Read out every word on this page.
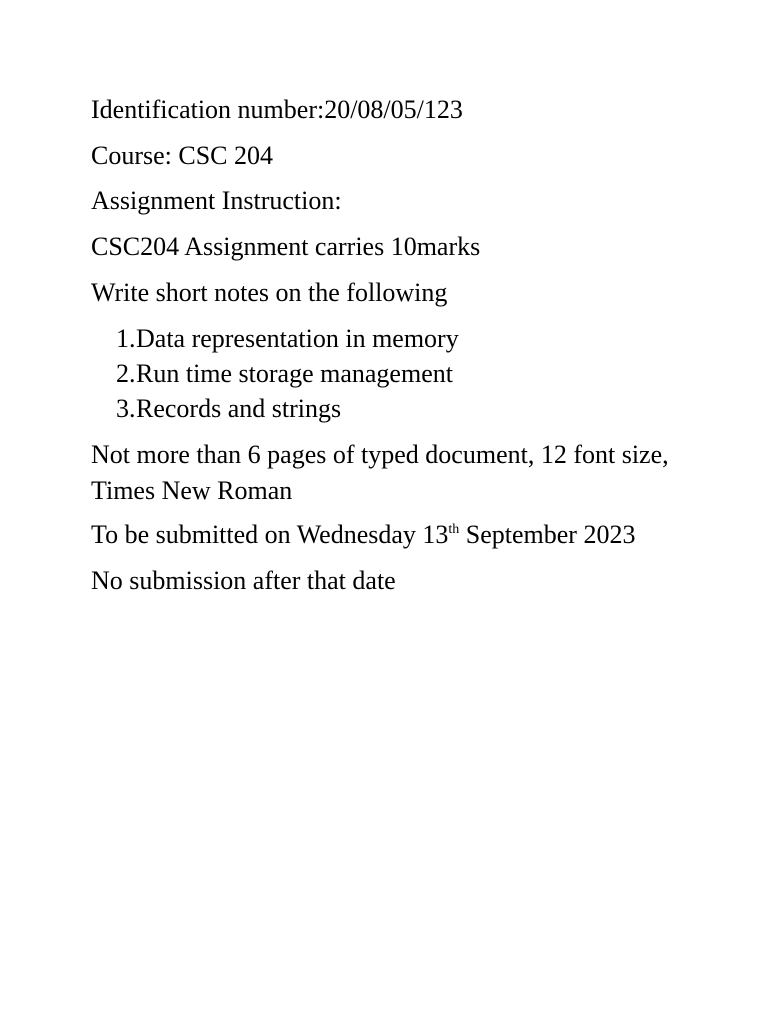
Identification number:20/08/05/123

Course: CSC 204

Assignment Instruction:

CSC204 Assignment carries 10marks

Write short notes on the following

1.Data representation in memory
2.Run time storage management
3.Records and strings

Not more than 6 pages of typed document, 12 font size, Times New Roman

To be submitted on Wednesday 13th September 2023

No submission after that date
